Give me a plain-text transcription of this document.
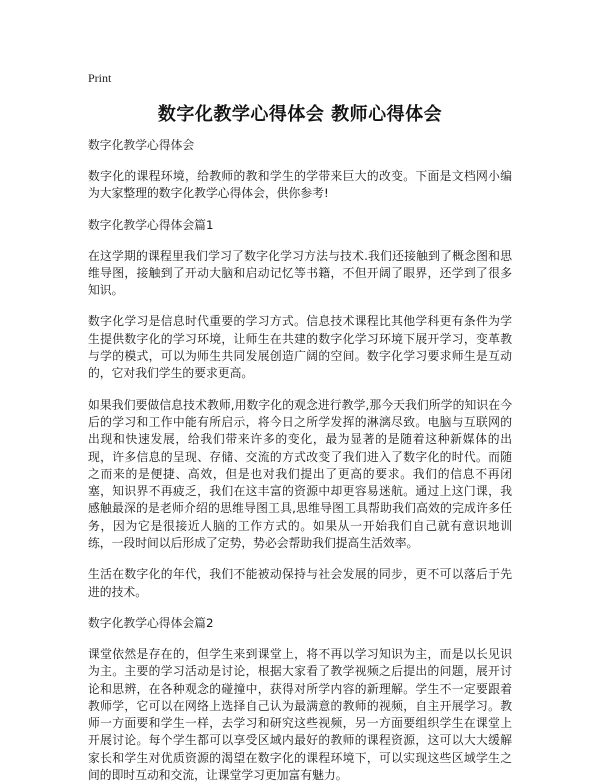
Print
数字化教学心得体会 教师心得体会
数字化教学心得体会

数字化的课程环境，给教师的教和学生的学带来巨大的改变。下面是文档网小编为大家整理的数字化教学心得体会，供你参考!

数字化教学心得体会篇1

在这学期的课程里我们学习了数字化学习方法与技术.我们还接触到了概念图和思维导图，接触到了开动大脑和启动记忆等书籍，不但开阔了眼界，还学到了很多知识。

数字化学习是信息时代重要的学习方式。信息技术课程比其他学科更有条件为学生提供数字化的学习环境，让师生在共建的数字化学习环境下展开学习，变革教与学的模式，可以为师生共同发展创造广阔的空间。数字化学习要求师生是互动的，它对我们学生的要求更高。

如果我们要做信息技术教师,用数字化的观念进行教学,那今天我们所学的知识在今后的学习和工作中能有所启示，将今日之所学发挥的淋漓尽致。电脑与互联网的出现和快速发展，给我们带来许多的变化，最为显著的是随着这种新媒体的出现，许多信息的呈现、存储、交流的方式改变了我们进入了数字化的时代。而随之而来的是便捷、高效，但是也对我们提出了更高的要求。我们的信息不再闭塞，知识界不再疲乏，我们在这丰富的资源中却更容易迷航。通过上这门课，我感触最深的是老师介绍的思维导图工具,思维导图工具帮助我们高效的完成许多任务，因为它是很接近人脑的工作方式的。如果从一开始我们自己就有意识地训练，一段时间以后形成了定势，势必会帮助我们提高生活效率。

生活在数字化的年代，我们不能被动保持与社会发展的同步，更不可以落后于先进的技术。

数字化教学心得体会篇2

课堂依然是存在的，但学生来到课堂上，将不再以学习知识为主，而是以长见识为主。主要的学习活动是讨论，根据大家看了教学视频之后提出的问题，展开讨论和思辨，在各种观念的碰撞中，获得对所学内容的新理解。学生不一定要跟着教师学，它可以在网络上选择自己认为最满意的教师的视频，自主开展学习。教师一方面要和学生一样，去学习和研究这些视频，另一方面要组织学生在课堂上开展讨论。每个学生都可以享受区域内最好的教师的课程资源，这可以大大缓解家长和学生对优质资源的渴望在数字化的课程环境下，可以实现这些区域学生之间的即时互动和交流，让课堂学习更加富有魅力。
